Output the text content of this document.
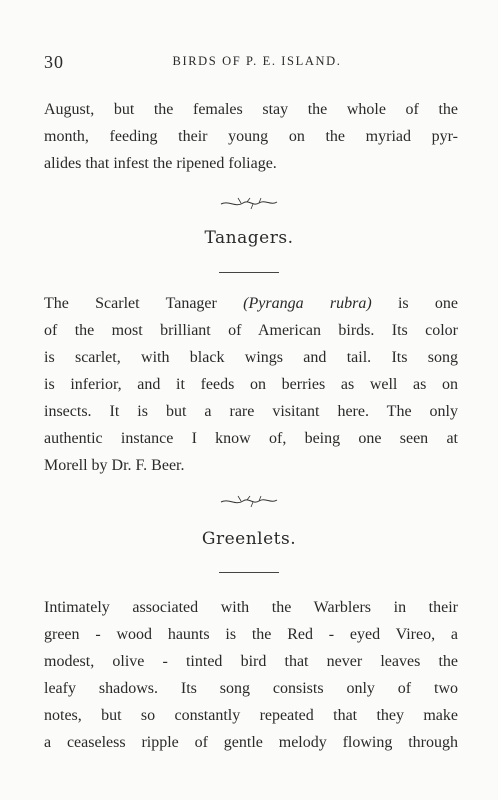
30	BIRDS OF P. E. ISLAND.

August, but the females stay the whole of the
month, feeding their young on the myriad pyr-
alides that infest the ripened foliage.

Tanagers.

The Scarlet Tanager (Pyranga rubra) is one
of the most brilliant of American birds. Its color
is scarlet, with black wings and tail. Its song
is inferior, and it feeds on berries as well as on
insects. It is but a rare visitant here. The only
authentic instance I know of, being one seen at
Morell by Dr. F. Beer.

Greenlets.

Intimately associated with the Warblers in their
green - wood haunts is the Red - eyed Vireo, a
modest, olive - tinted bird that never leaves the
leafy shadows. Its song consists only of two
notes, but so constantly repeated that they make
a ceaseless ripple of gentle melody flowing through
